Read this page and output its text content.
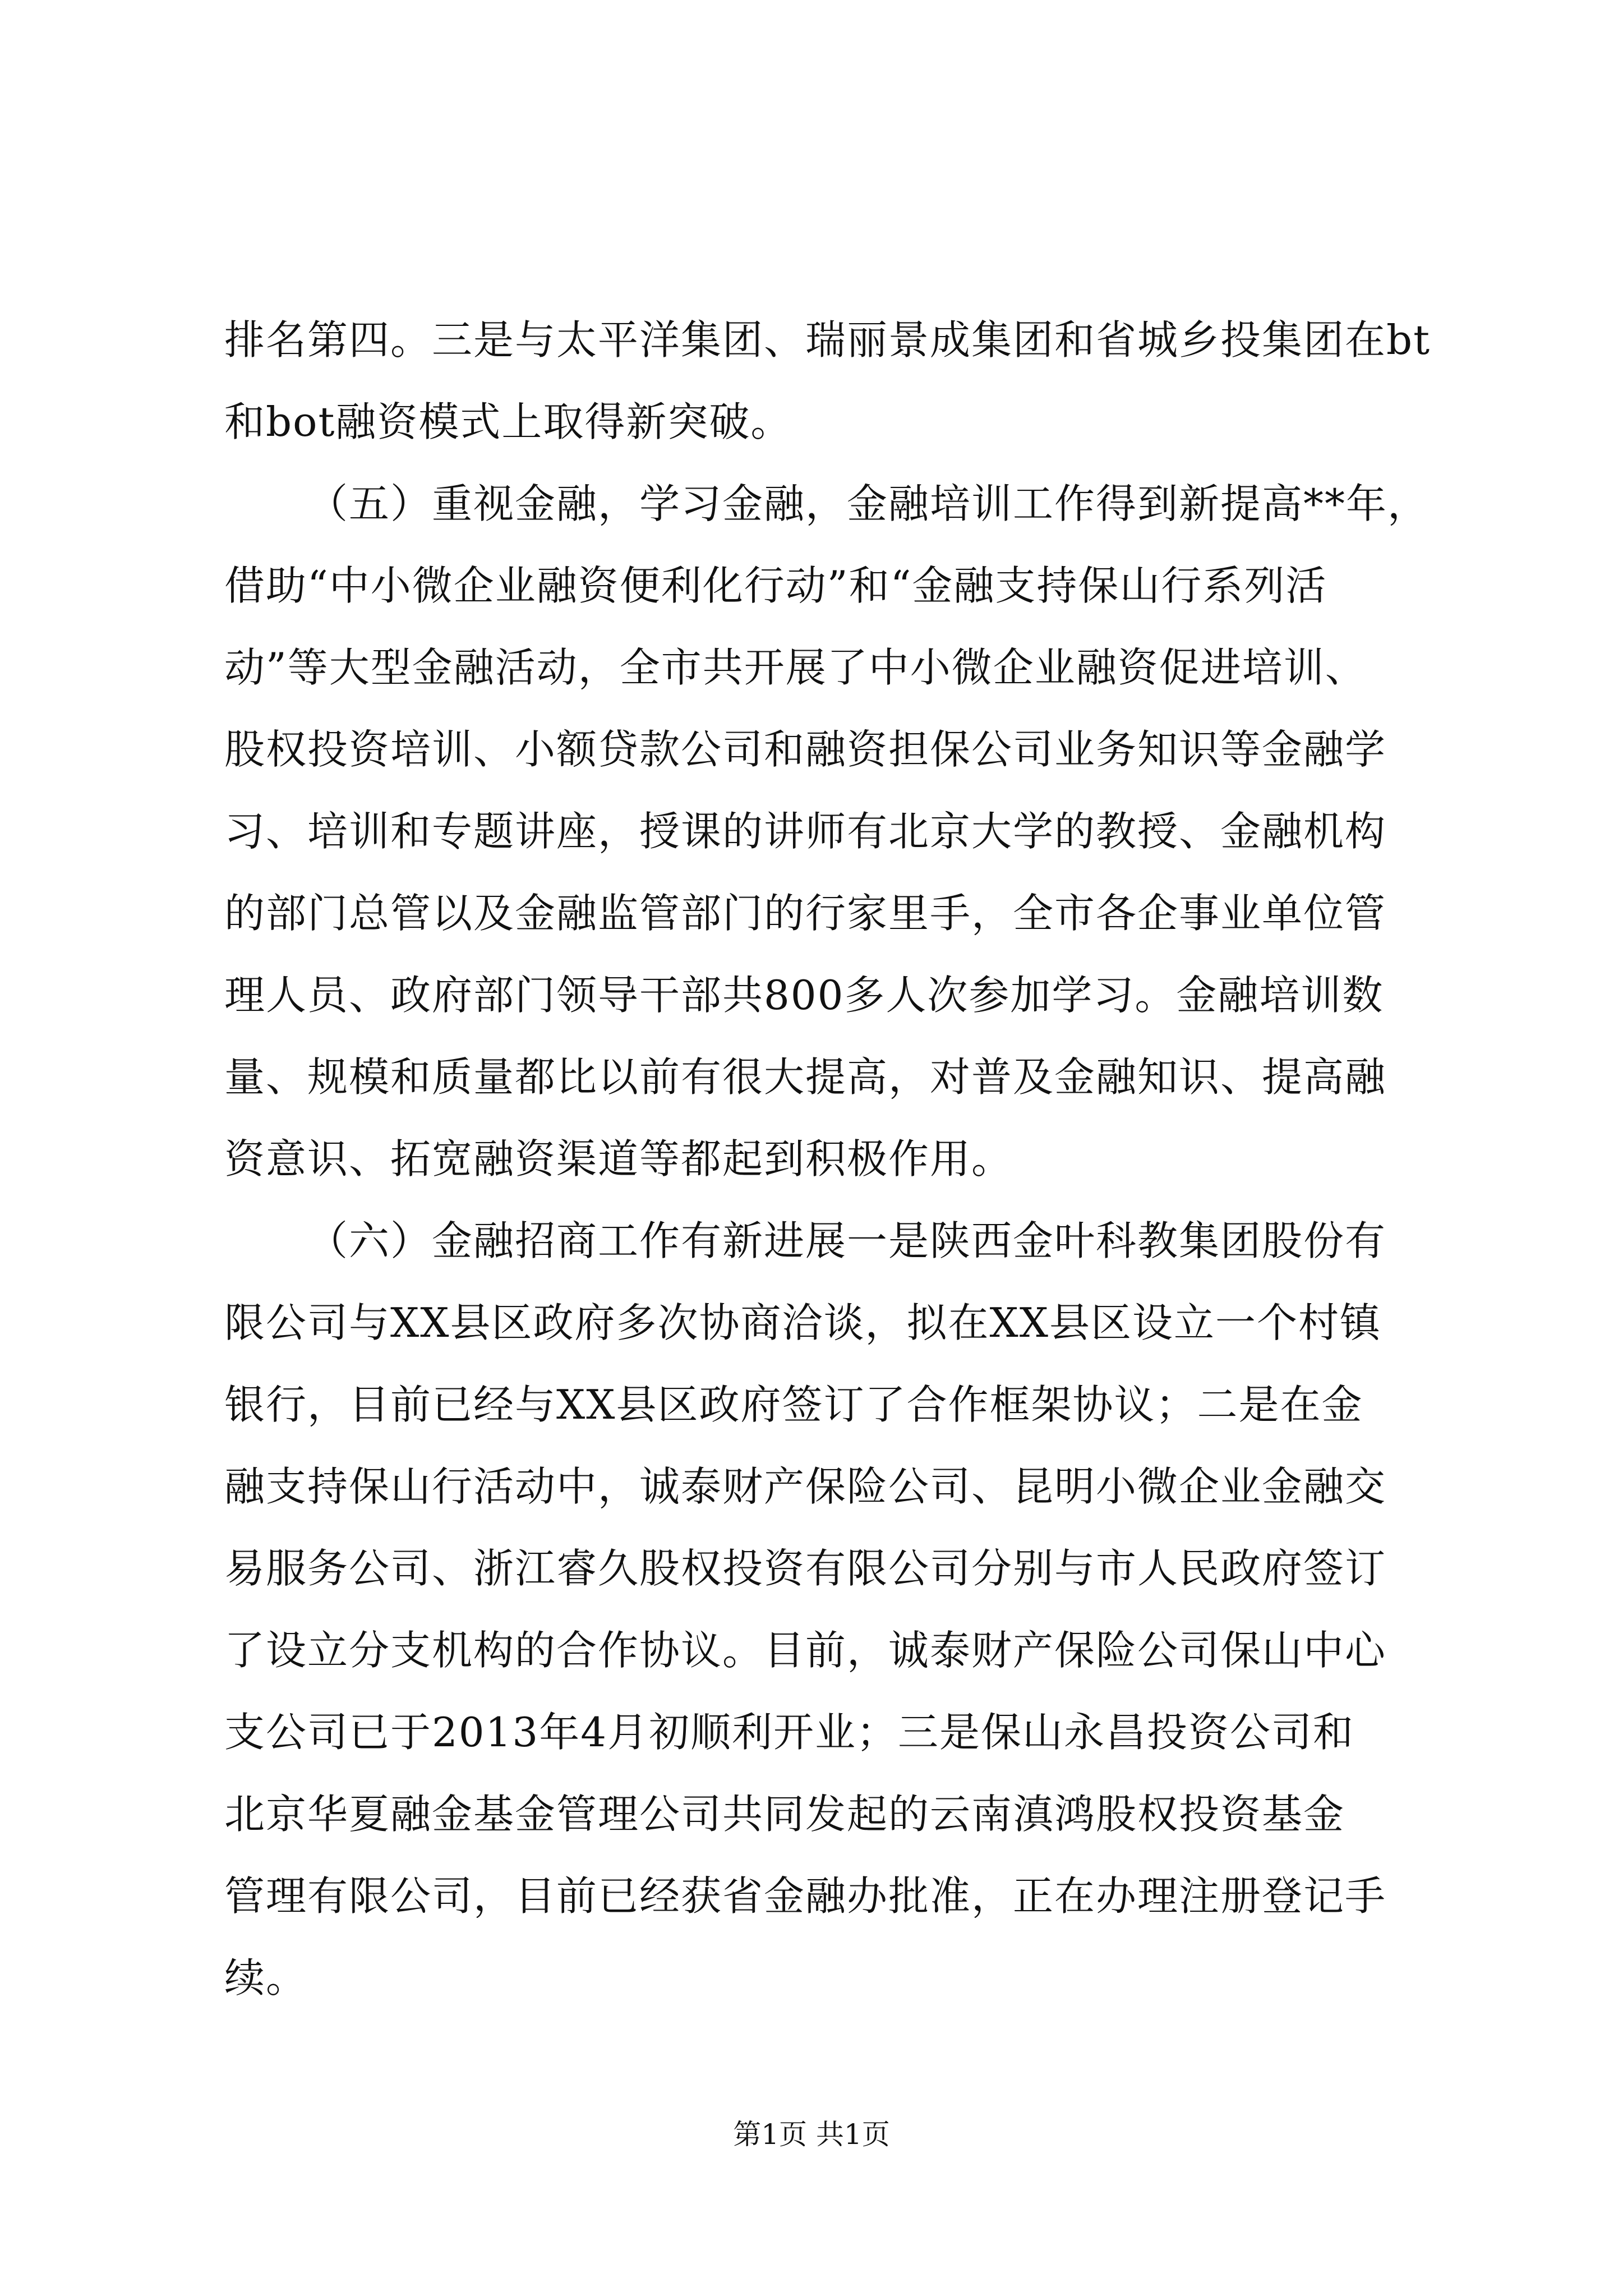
排名第四。三是与太平洋集团、瑞丽景成集团和省城乡投集团在bt
和bot融资模式上取得新突破。
（五）重视金融，学习金融，金融培训工作得到新提高**年，
借助“中小微企业融资便利化行动”和“金融支持保山行系列活
动”等大型金融活动，全市共开展了中小微企业融资促进培训、
股权投资培训、小额贷款公司和融资担保公司业务知识等金融学
习、培训和专题讲座，授课的讲师有北京大学的教授、金融机构
的部门总管以及金融监管部门的行家里手，全市各企事业单位管
理人员、政府部门领导干部共800多人次参加学习。金融培训数
量、规模和质量都比以前有很大提高，对普及金融知识、提高融
资意识、拓宽融资渠道等都起到积极作用。
（六）金融招商工作有新进展一是陕西金叶科教集团股份有
限公司与XX县区政府多次协商洽谈，拟在XX县区设立一个村镇
银行，目前已经与XX县区政府签订了合作框架协议；二是在金
融支持保山行活动中，诚泰财产保险公司、昆明小微企业金融交
易服务公司、浙江睿久股权投资有限公司分别与市人民政府签订
了设立分支机构的合作协议。目前，诚泰财产保险公司保山中心
支公司已于2013年4月初顺利开业；三是保山永昌投资公司和
北京华夏融金基金管理公司共同发起的云南滇鸿股权投资基金
管理有限公司，目前已经获省金融办批准，正在办理注册登记手
续。
第1页 共1页
